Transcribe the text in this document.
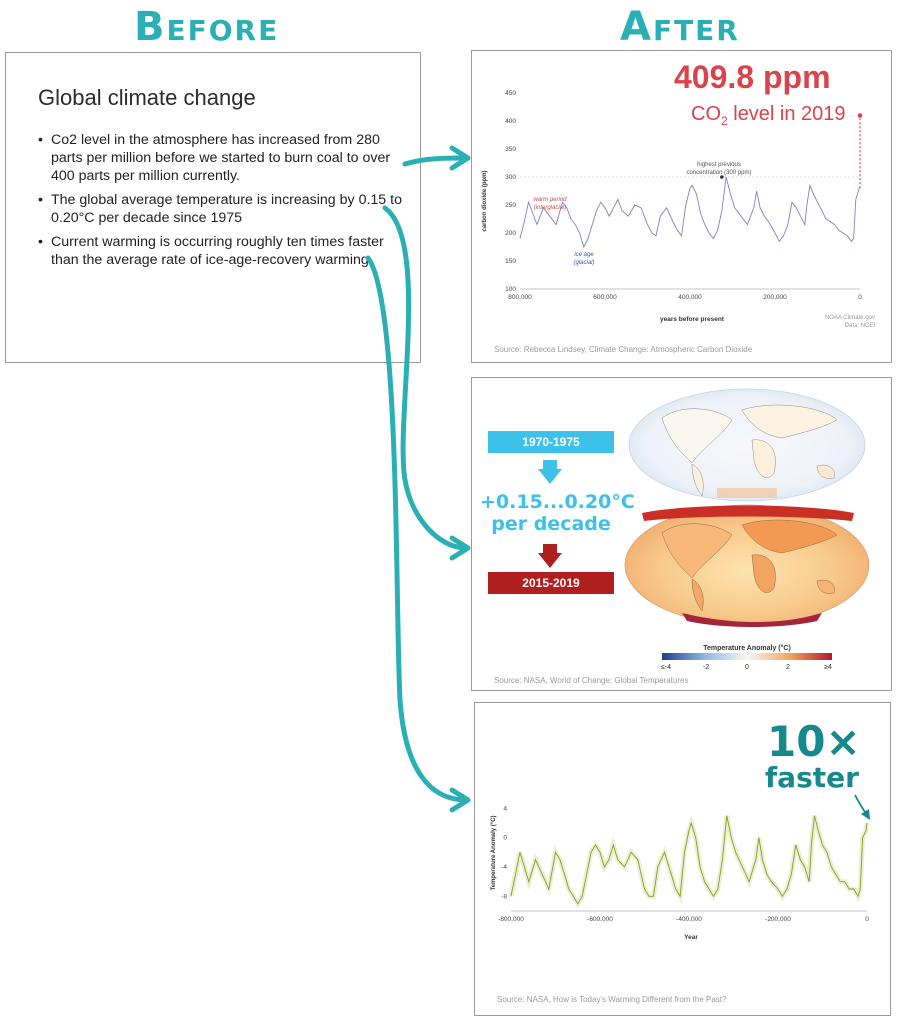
Before	After
Global climate change
• Co2 level in the atmosphere has increased from 280 parts per million before we started to burn coal to over 400 parts per million currently.
• The global average temperature is increasing by 0.15 to 0.20°C per decade since 1975
• Current warming is occurring roughly ten times faster than the average rate of ice-age-recovery warming
450
400
350
300
250
200
150
100
800,000	600,000	400,000	200,000	0
carbon dioxide (ppm)
years before present
warm period
(interglacial)
ice age
(glacial)
highest previous
concentration (300 ppm)
NOAA Climate.gov
Data: NCEI
409.8 ppm
$CO_2$ level in 2019
Source: Rebecca Lindsey, Climate Change: Atmospheric Carbon Dioxide
1970-1975
+0.15...0.20°C
per decade
2015-2019
Temperature Anomaly (°C)
≤-4	-2	0	2	≥4
Source: NASA, World of Change: Global Temperatures
10×
faster
4
0
-4
-8
-800,000	-600,000	-400,000	-200,000	0
Temperature Anomaly (°C)
Year
Source: NASA, How is Today's Warming Different from the Past?
